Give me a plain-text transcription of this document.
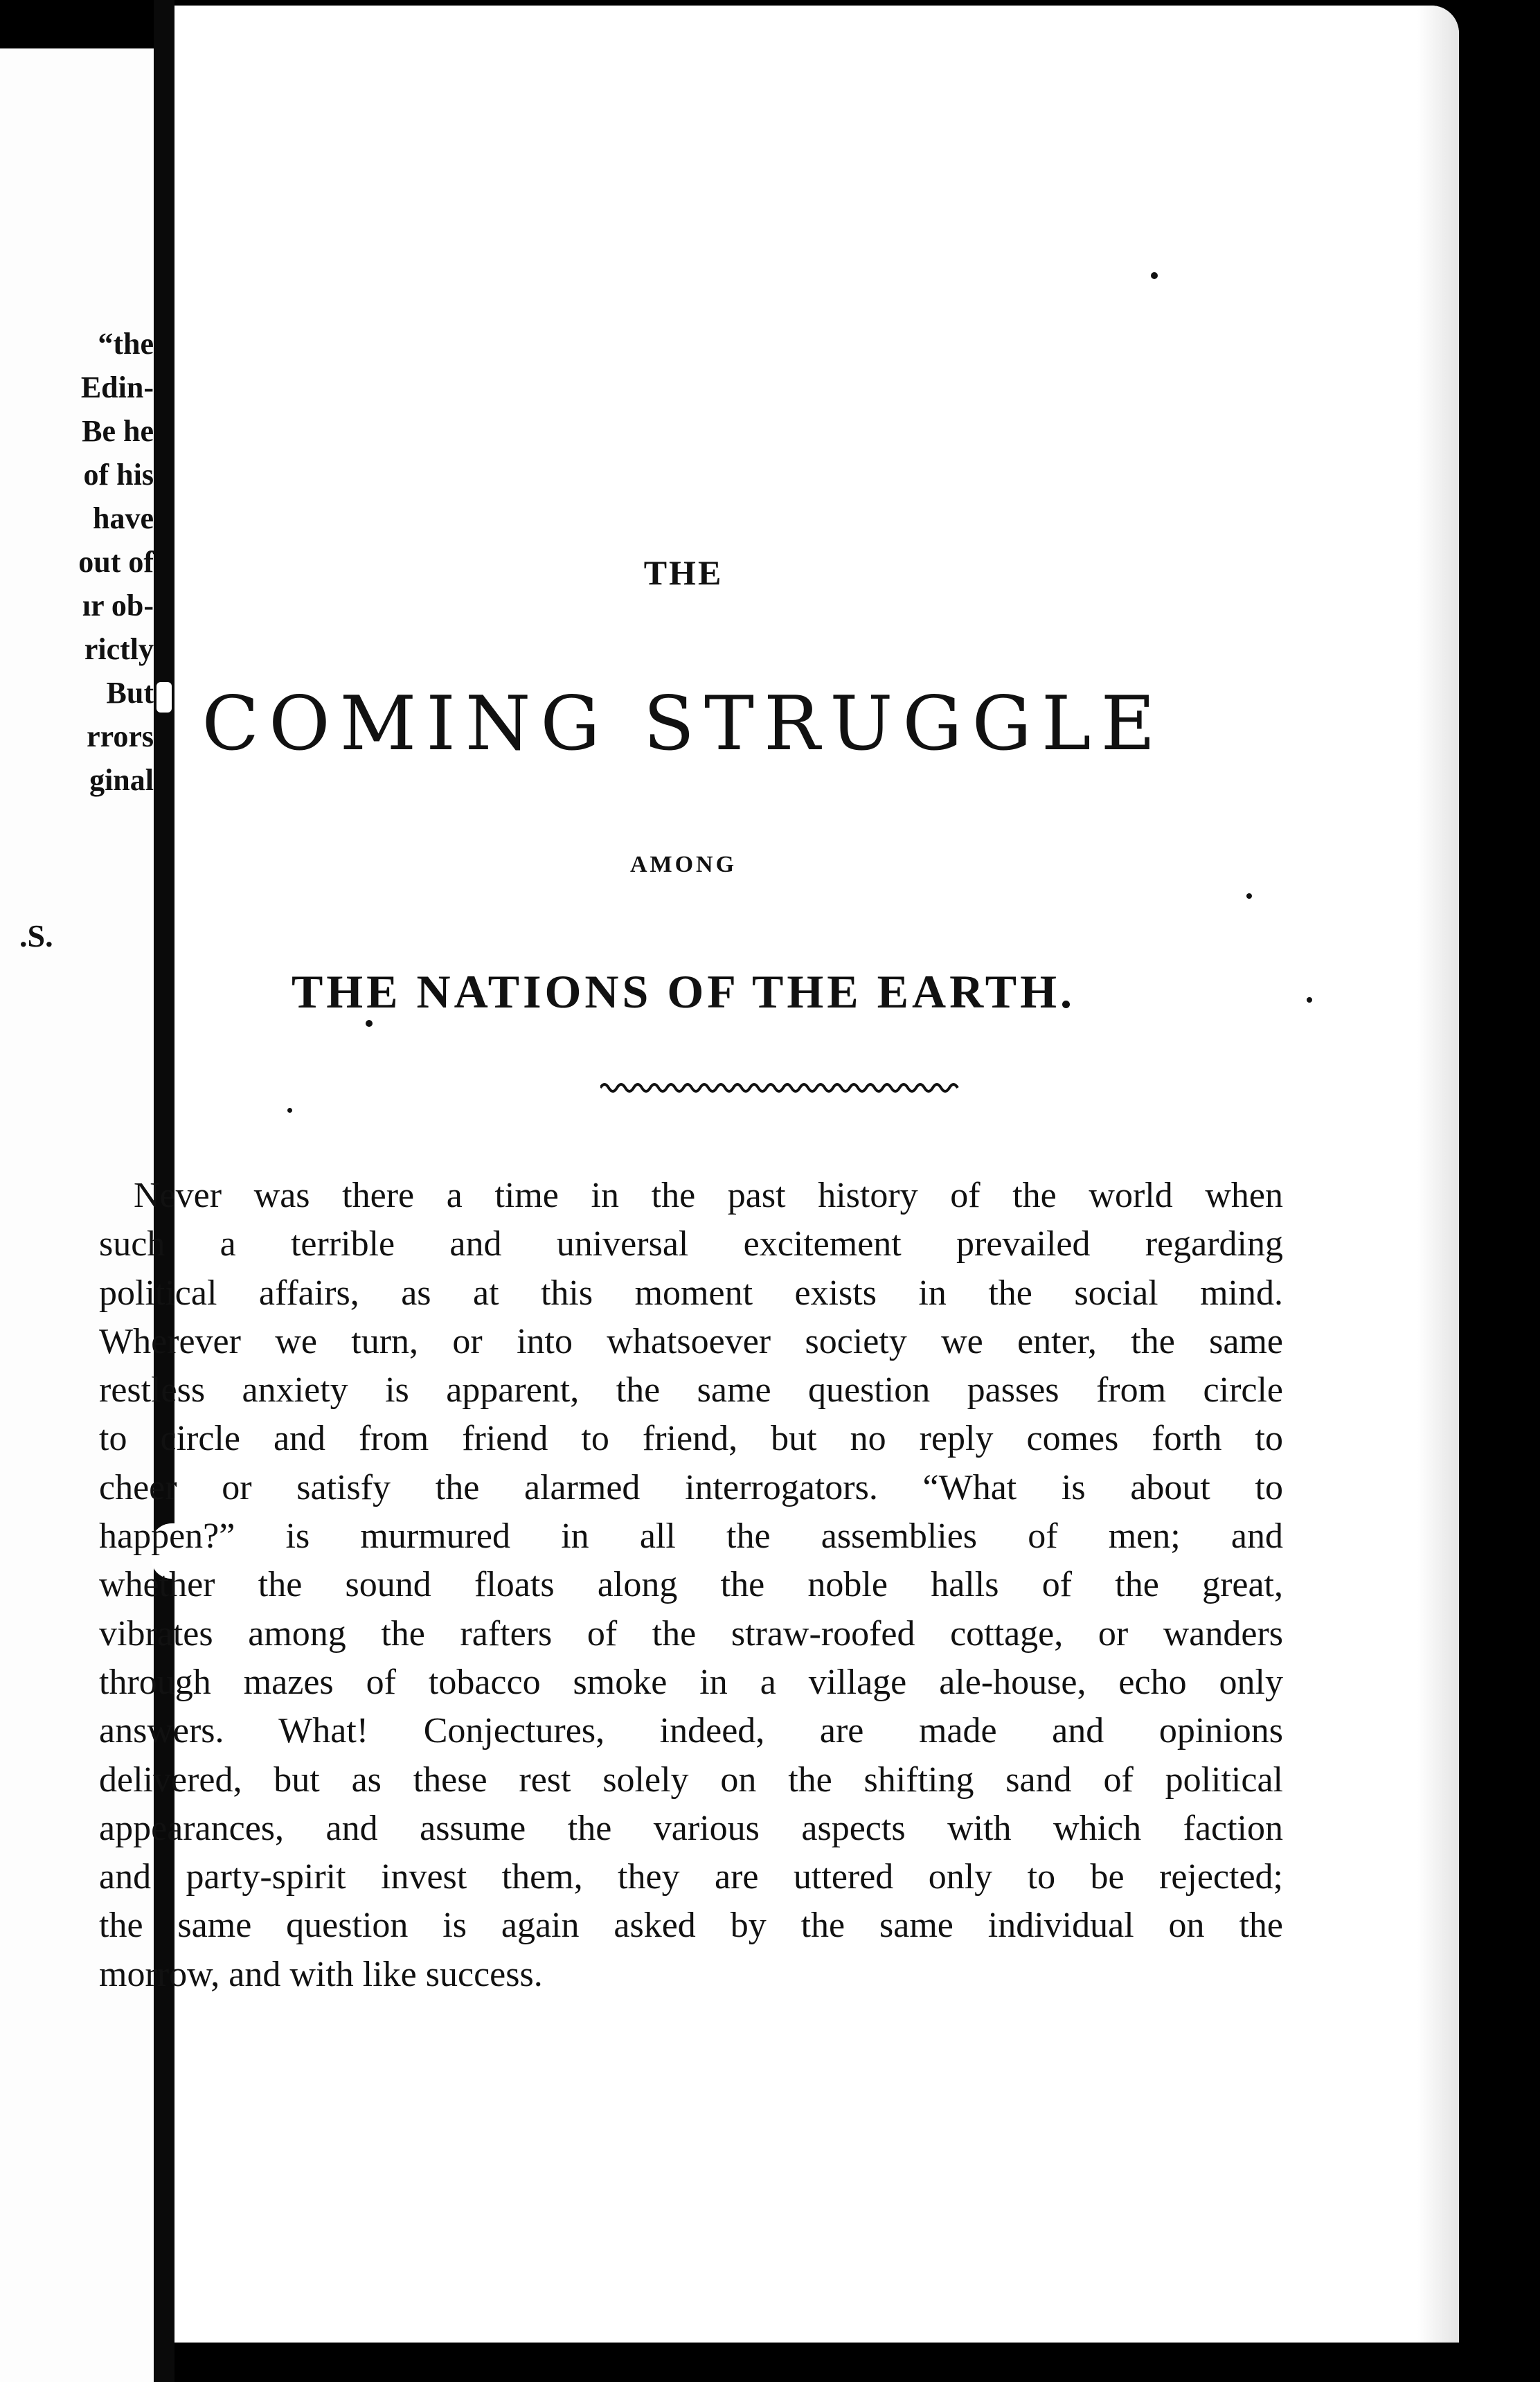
“the
Edin-
Be he
of his
have
out of
ır ob-
rictly
But
rrors
ginal
.S.
THE
COMING STRUGGLE
AMONG
THE NATIONS OF THE EARTH.
Never was there a time in the past history of the world when
such a terrible and universal excitement prevailed regarding
political affairs, as at this moment exists in the social mind.
Wherever we turn, or into whatsoever society we enter, the same
restless anxiety is apparent, the same question passes from circle
to circle and from friend to friend, but no reply comes forth to
cheer or satisfy the alarmed interrogators. “What is about to
happen?” is murmured in all the assemblies of men; and
whether the sound floats along the noble halls of the great,
vibrates among the rafters of the straw-roofed cottage, or wanders
through mazes of tobacco smoke in a village ale-house, echo only
answers. What! Conjectures, indeed, are made and opinions
delivered, but as these rest solely on the shifting sand of political
appearances, and assume the various aspects with which faction
and party-spirit invest them, they are uttered only to be rejected;
the same question is again asked by the same individual on the
morrow, and with like success.
